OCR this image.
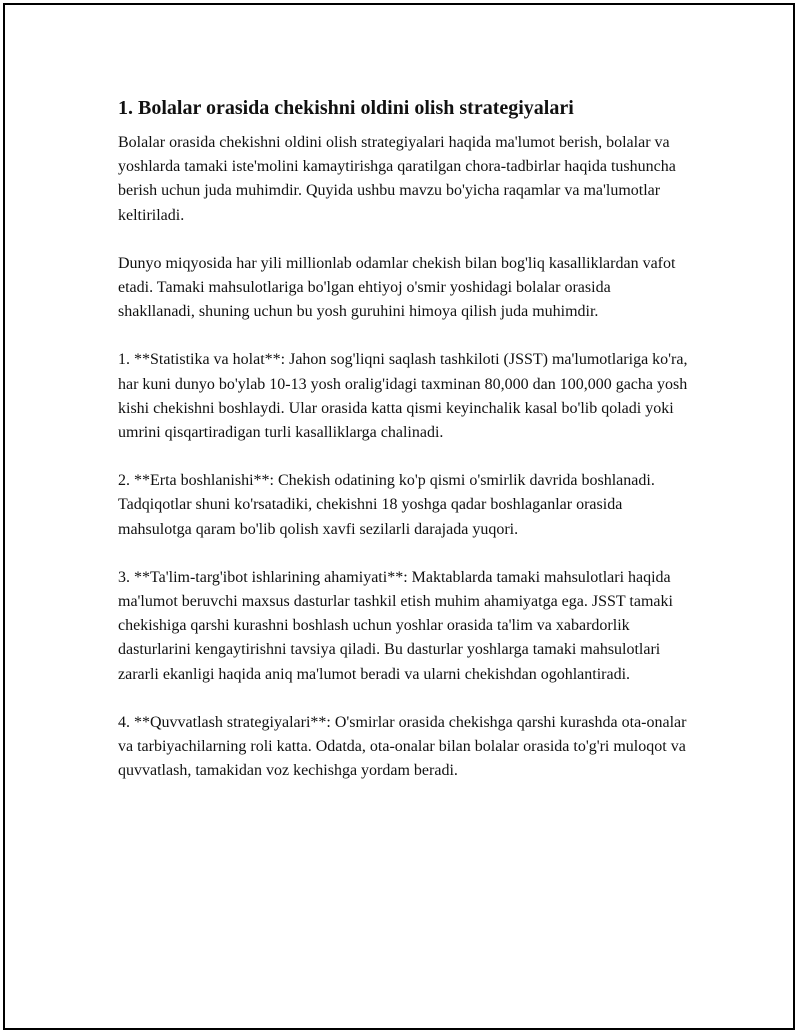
1. Bolalar orasida chekishni oldini olish strategiyalari

Bolalar orasida chekishni oldini olish strategiyalari haqida ma'lumot berish, bolalar va yoshlarda tamaki iste'molini kamaytirishga qaratilgan chora-tadbirlar haqida tushuncha berish uchun juda muhimdir. Quyida ushbu mavzu bo'yicha raqamlar va ma'lumotlar keltiriladi.

Dunyo miqyosida har yili millionlab odamlar chekish bilan bog'liq kasalliklardan vafot etadi. Tamaki mahsulotlariga bo'lgan ehtiyoj o'smir yoshidagi bolalar orasida shakllanadi, shuning uchun bu yosh guruhini himoya qilish juda muhimdir.

1. **Statistika va holat**: Jahon sog'liqni saqlash tashkiloti (JSST) ma'lumotlariga ko'ra, har kuni dunyo bo'ylab 10-13 yosh oralig'idagi taxminan 80,000 dan 100,000 gacha yosh kishi chekishni boshlaydi. Ular orasida katta qismi keyinchalik kasal bo'lib qoladi yoki umrini qisqartiradigan turli kasalliklarga chalinadi.

2. **Erta boshlanishi**: Chekish odatining ko'p qismi o'smirlik davrida boshlanadi. Tadqiqotlar shuni ko'rsatadiki, chekishni 18 yoshga qadar boshlaganlar orasida mahsulotga qaram bo'lib qolish xavfi sezilarli darajada yuqori.

3. **Ta'lim-targ'ibot ishlarining ahamiyati**: Maktablarda tamaki mahsulotlari haqida ma'lumot beruvchi maxsus dasturlar tashkil etish muhim ahamiyatga ega. JSST tamaki chekishiga qarshi kurashni boshlash uchun yoshlar orasida ta'lim va xabardorlik dasturlarini kengaytirishni tavsiya qiladi. Bu dasturlar yoshlarga tamaki mahsulotlari zararli ekanligi haqida aniq ma'lumot beradi va ularni chekishdan ogohlantiradi.

4. **Quvvatlash strategiyalari**: O'smirlar orasida chekishga qarshi kurashda ota-onalar va tarbiyachilarning roli katta. Odatda, ota-onalar bilan bolalar orasida to'g'ri muloqot va quvvatlash, tamakidan voz kechishga yordam beradi.
